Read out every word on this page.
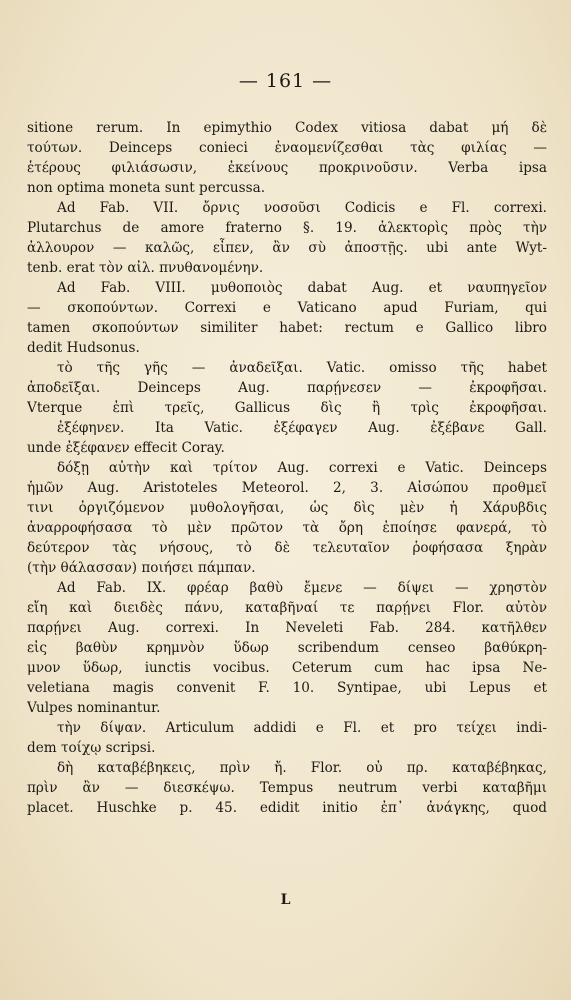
— 161 —
sitione rerum. In epimythio Codex vitiosa dabat μή δὲ
τούτων. Deinceps conieci ἐναομενίζεσθαι τὰς φιλίας —
ἑτέρους φιλιάσωσιν, ἐκείνους προκρινοῦσιν. Verba ipsa
non optima moneta sunt percussa.
Ad Fab. VII. ὄρνις νοσοῦσι Codicis e Fl. correxi.
Plutarchus de amore fraterno §. 19. ἀλεκτορὶς πρὸς τὴν
ἀλλουρον — καλῶς, εἶπεν, ἂν σὺ ἀποστῇς. ubi ante Wyt-
tenb. erat τὸν αἰλ. πνυθανομένην.
Ad Fab. VIII. μυθοποιὸς dabat Aug. et ναυπηγεῖον
— σκοπούντων. Correxi e Vaticano apud Furiam, qui
tamen σκοπούντων similiter habet: rectum e Gallico libro
dedit Hudsonus.
τὸ τῆς γῆς — ἀναδεῖξαι. Vatic. omisso τῆς habet
ἀποδεῖξαι. Deinceps Aug. παρῄνεσεν — ἐκροφῆσαι.
Vterque ἐπὶ τρεῖς, Gallicus δὶς ἢ τρὶς ἐκροφῆσαι.
ἐξέφηνεν. Ita Vatic. ἐξέφαγεν Aug. ἐξέβανε Gall.
unde ἐξέφανεν effecit Coray.
δόξῃ αὐτὴν καὶ τρίτον Aug. correxi e Vatic. Deinceps
ἡμῶν Aug. Aristoteles Meteorol. 2, 3. Αἰσώπου προθμεῖ
τινι ὀργιζόμενον μυθολογῆσαι, ὡς δὶς μὲν ἡ Χάρυβδις
ἀναρροφήσασα τὸ μὲν πρῶτον τὰ ὄρη ἐποίησε φανερά, τὸ
δεύτερον τὰς νήσους, τὸ δὲ τελευταῖον ῥοφήσασα ξηρὰν
(τὴν θάλασσαν) ποιήσει πάμπαν.
Ad Fab. IX. φρέαρ βαθὺ ἔμενε — δίψει — χρηστὸν
εἴη καὶ διειδὲς πάνυ, καταβῆναί τε παρῄνει Flor. αὐτὸν
παρῄνει Aug. correxi. In Neveleti Fab. 284. κατῆλθεν
εἰς βαθὺν κρημνὸν ὕδωρ scribendum censeo βαθύκρη-
μνον ὕδωρ, iunctis vocibus. Ceterum cum hac ipsa Ne-
veletiana magis convenit F. 10. Syntipae, ubi Lepus et
Vulpes nominantur.
τὴν δίψαν. Articulum addidi e Fl. et pro τείχει indi-
dem τοίχῳ scripsi.
δὴ καταβέβηκεις, πρὶν ἤ. Flor. οὐ πρ. καταβέβηκας,
πρὶν ἂν — διεσκέψω. Tempus neutrum verbi καταβῆμι
placet. Huschke p. 45. edidit initio ἐπ᾽ ἀνάγκης, quod
L
